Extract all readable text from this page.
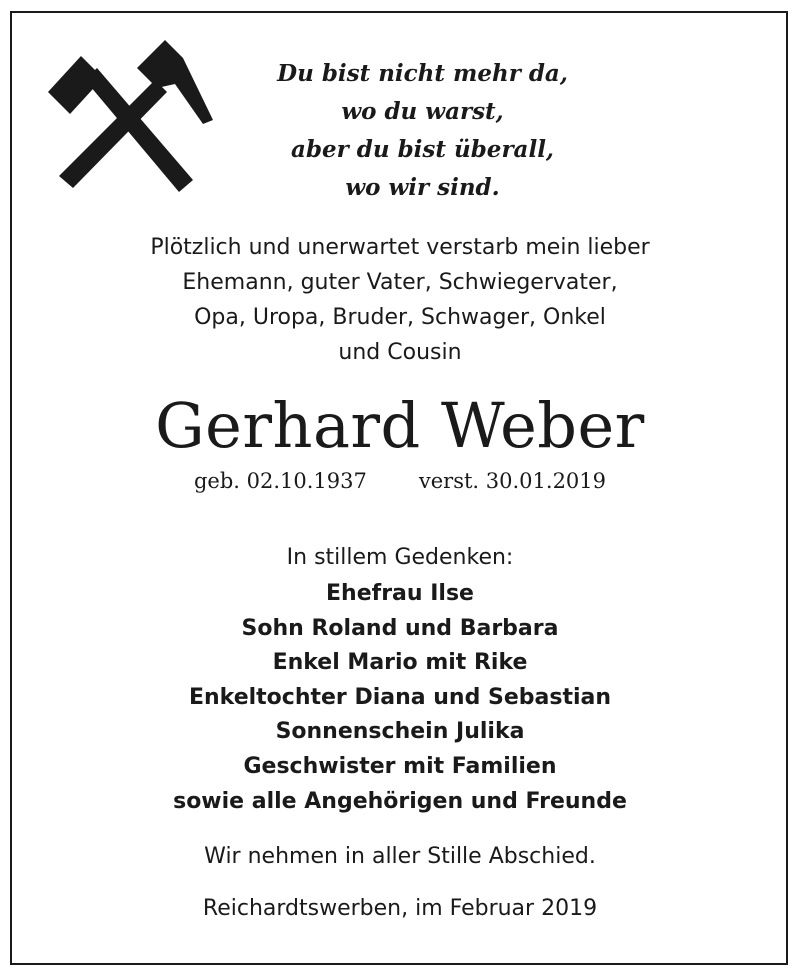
Du bist nicht mehr da,
wo du warst,
aber du bist überall,
wo wir sind.
Plötzlich und unerwartet verstarb mein lieber
Ehemann, guter Vater, Schwiegervater,
Opa, Uropa, Bruder, Schwager, Onkel
und Cousin
Gerhard Weber
geb. 02.10.1937 verst. 30.01.2019
In stillem Gedenken:
Ehefrau Ilse
Sohn Roland und Barbara
Enkel Mario mit Rike
Enkeltochter Diana und Sebastian
Sonnenschein Julika
Geschwister mit Familien
sowie alle Angehörigen und Freunde
Wir nehmen in aller Stille Abschied.
Reichardtswerben, im Februar 2019
